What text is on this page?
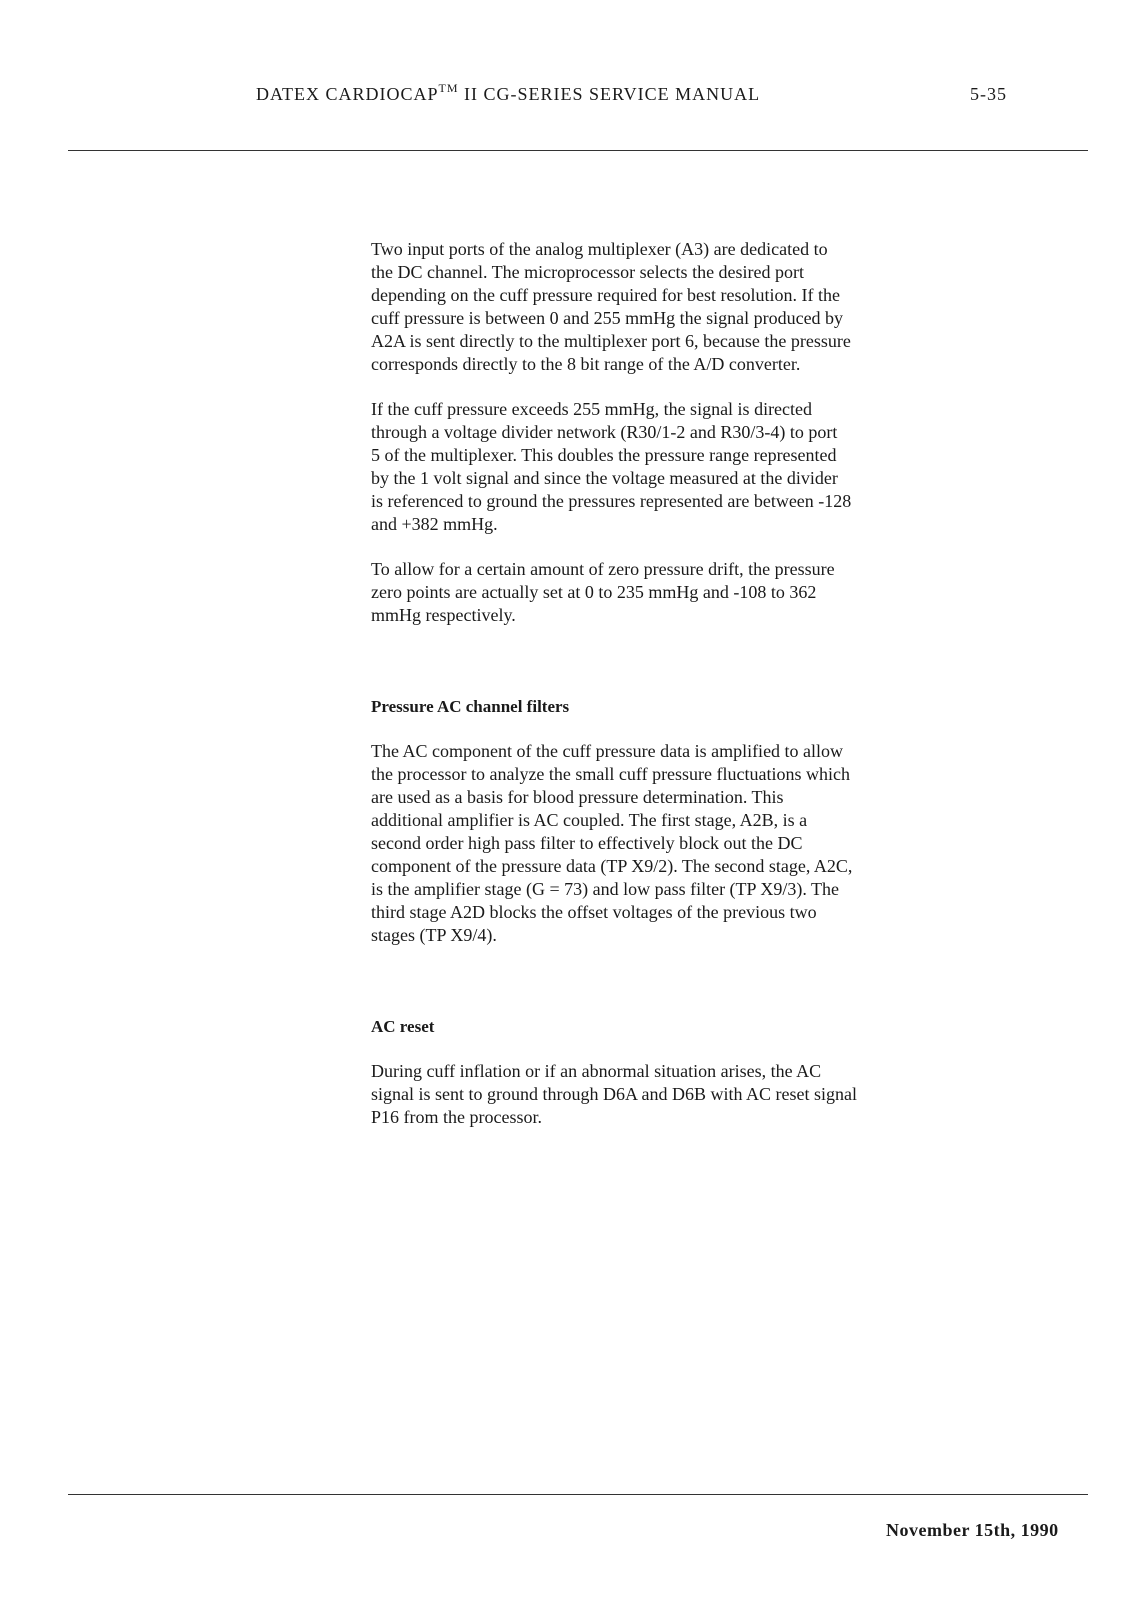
DATEX CARDIOCAP™ II CG-SERIES SERVICE MANUAL	5-35

Two input ports of the analog multiplexer (A3) are dedicated to
the DC channel. The microprocessor selects the desired port
depending on the cuff pressure required for best resolution. If the
cuff pressure is between 0 and 255 mmHg the signal produced by
A2A is sent directly to the multiplexer port 6, because the pressure
corresponds directly to the 8 bit range of the A/D converter.

If the cuff pressure exceeds 255 mmHg, the signal is directed
through a voltage divider network (R30/1-2 and R30/3-4) to port
5 of the multiplexer. This doubles the pressure range represented
by the 1 volt signal and since the voltage measured at the divider
is referenced to ground the pressures represented are between -128
and +382 mmHg.

To allow for a certain amount of zero pressure drift, the pressure
zero points are actually set at 0 to 235 mmHg and -108 to 362
mmHg respectively.

Pressure AC channel filters

The AC component of the cuff pressure data is amplified to allow
the processor to analyze the small cuff pressure fluctuations which
are used as a basis for blood pressure determination. This
additional amplifier is AC coupled. The first stage, A2B, is a
second order high pass filter to effectively block out the DC
component of the pressure data (TP X9/2). The second stage, A2C,
is the amplifier stage (G = 73) and low pass filter (TP X9/3). The
third stage A2D blocks the offset voltages of the previous two
stages (TP X9/4).

AC reset

During cuff inflation or if an abnormal situation arises, the AC
signal is sent to ground through D6A and D6B with AC reset signal
P16 from the processor.

November 15th, 1990
